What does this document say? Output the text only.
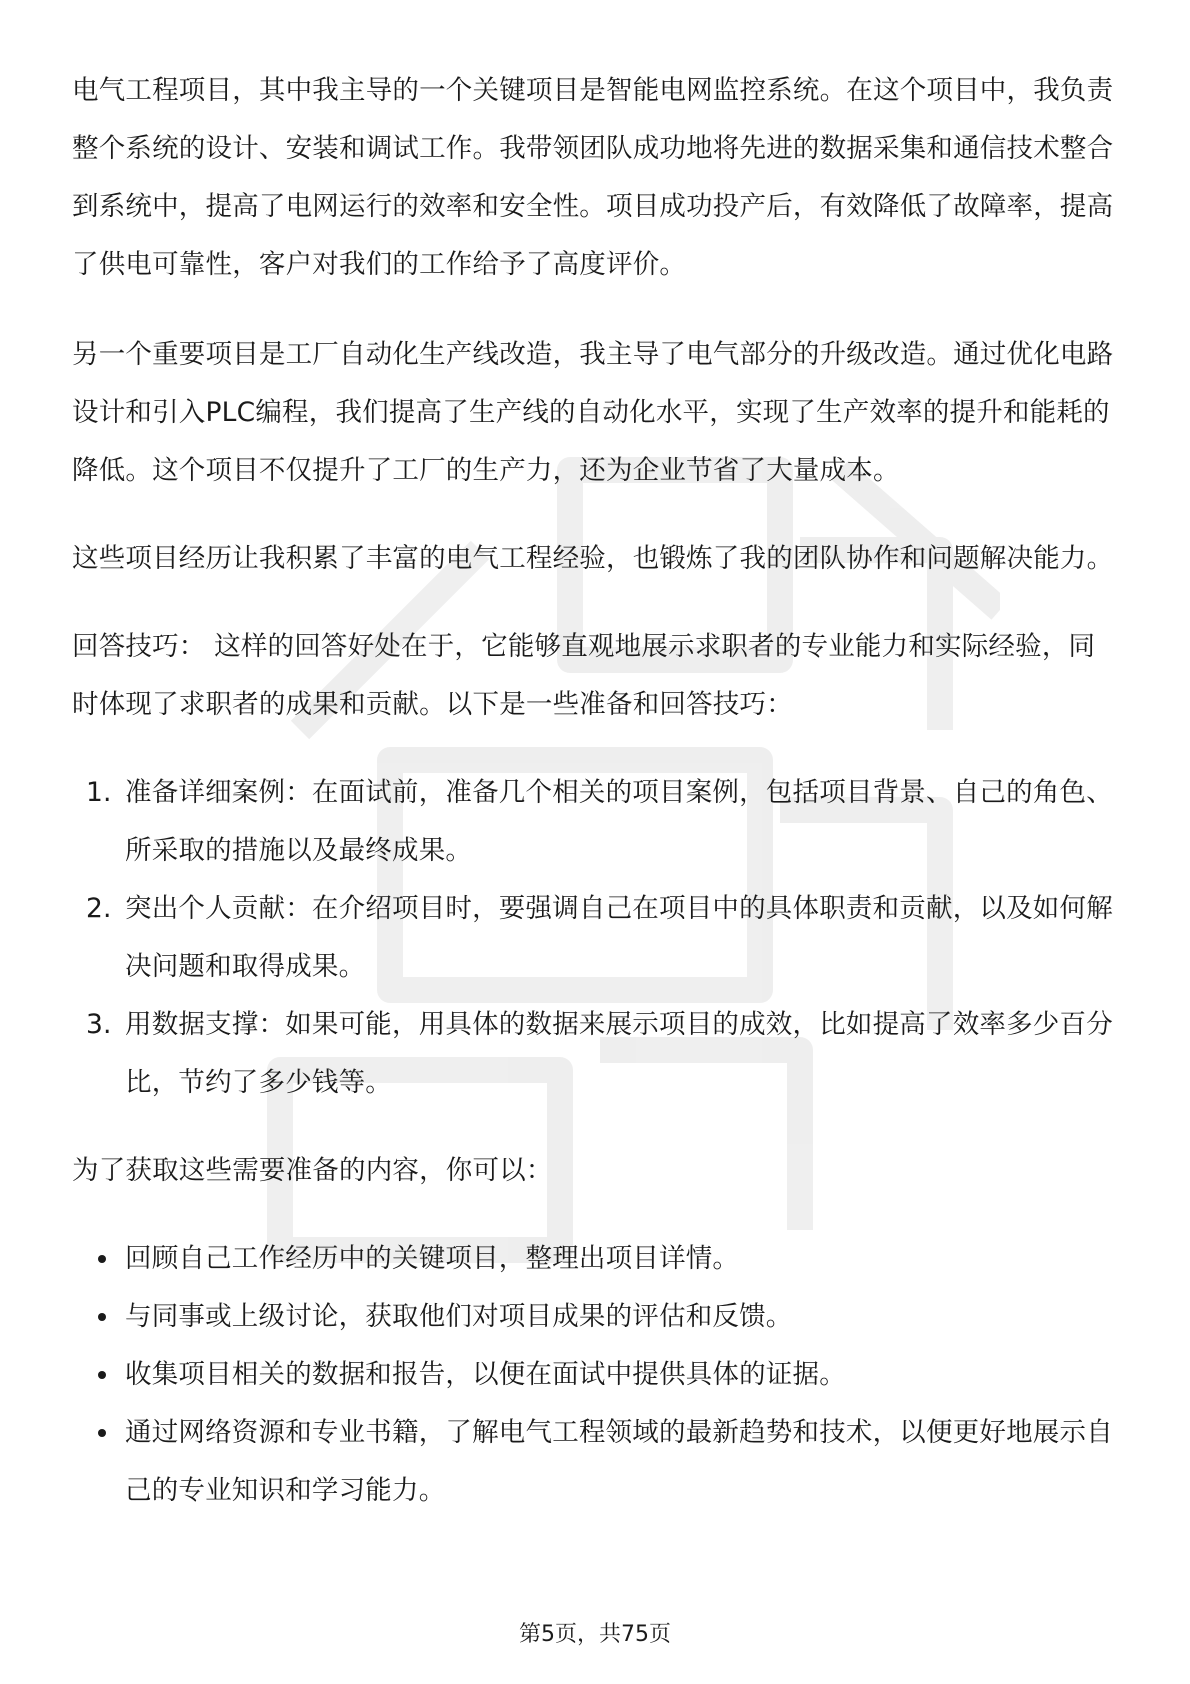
电气工程项目，其中我主导的一个关键项目是智能电网监控系统。在这个项目中，我负责整个系统的设计、安装和调试工作。我带领团队成功地将先进的数据采集和通信技术整合到系统中，提高了电网运行的效率和安全性。项目成功投产后，有效降低了故障率，提高了供电可靠性，客户对我们的工作给予了高度评价。

另一个重要项目是工厂自动化生产线改造，我主导了电气部分的升级改造。通过优化电路设计和引入PLC编程，我们提高了生产线的自动化水平，实现了生产效率的提升和能耗的降低。这个项目不仅提升了工厂的生产力，还为企业节省了大量成本。

这些项目经历让我积累了丰富的电气工程经验，也锻炼了我的团队协作和问题解决能力。

回答技巧： 这样的回答好处在于，它能够直观地展示求职者的专业能力和实际经验，同时体现了求职者的成果和贡献。以下是一些准备和回答技巧：

1. 准备详细案例：在面试前，准备几个相关的项目案例，包括项目背景、自己的角色、所采取的措施以及最终成果。
2. 突出个人贡献：在介绍项目时，要强调自己在项目中的具体职责和贡献，以及如何解决问题和取得成果。
3. 用数据支撑：如果可能，用具体的数据来展示项目的成效，比如提高了效率多少百分比，节约了多少钱等。

为了获取这些需要准备的内容，你可以：

回顾自己工作经历中的关键项目，整理出项目详情。
与同事或上级讨论，获取他们对项目成果的评估和反馈。
收集项目相关的数据和报告，以便在面试中提供具体的证据。
通过网络资源和专业书籍，了解电气工程领域的最新趋势和技术，以便更好地展示自己的专业知识和学习能力。
第5页，共75页
